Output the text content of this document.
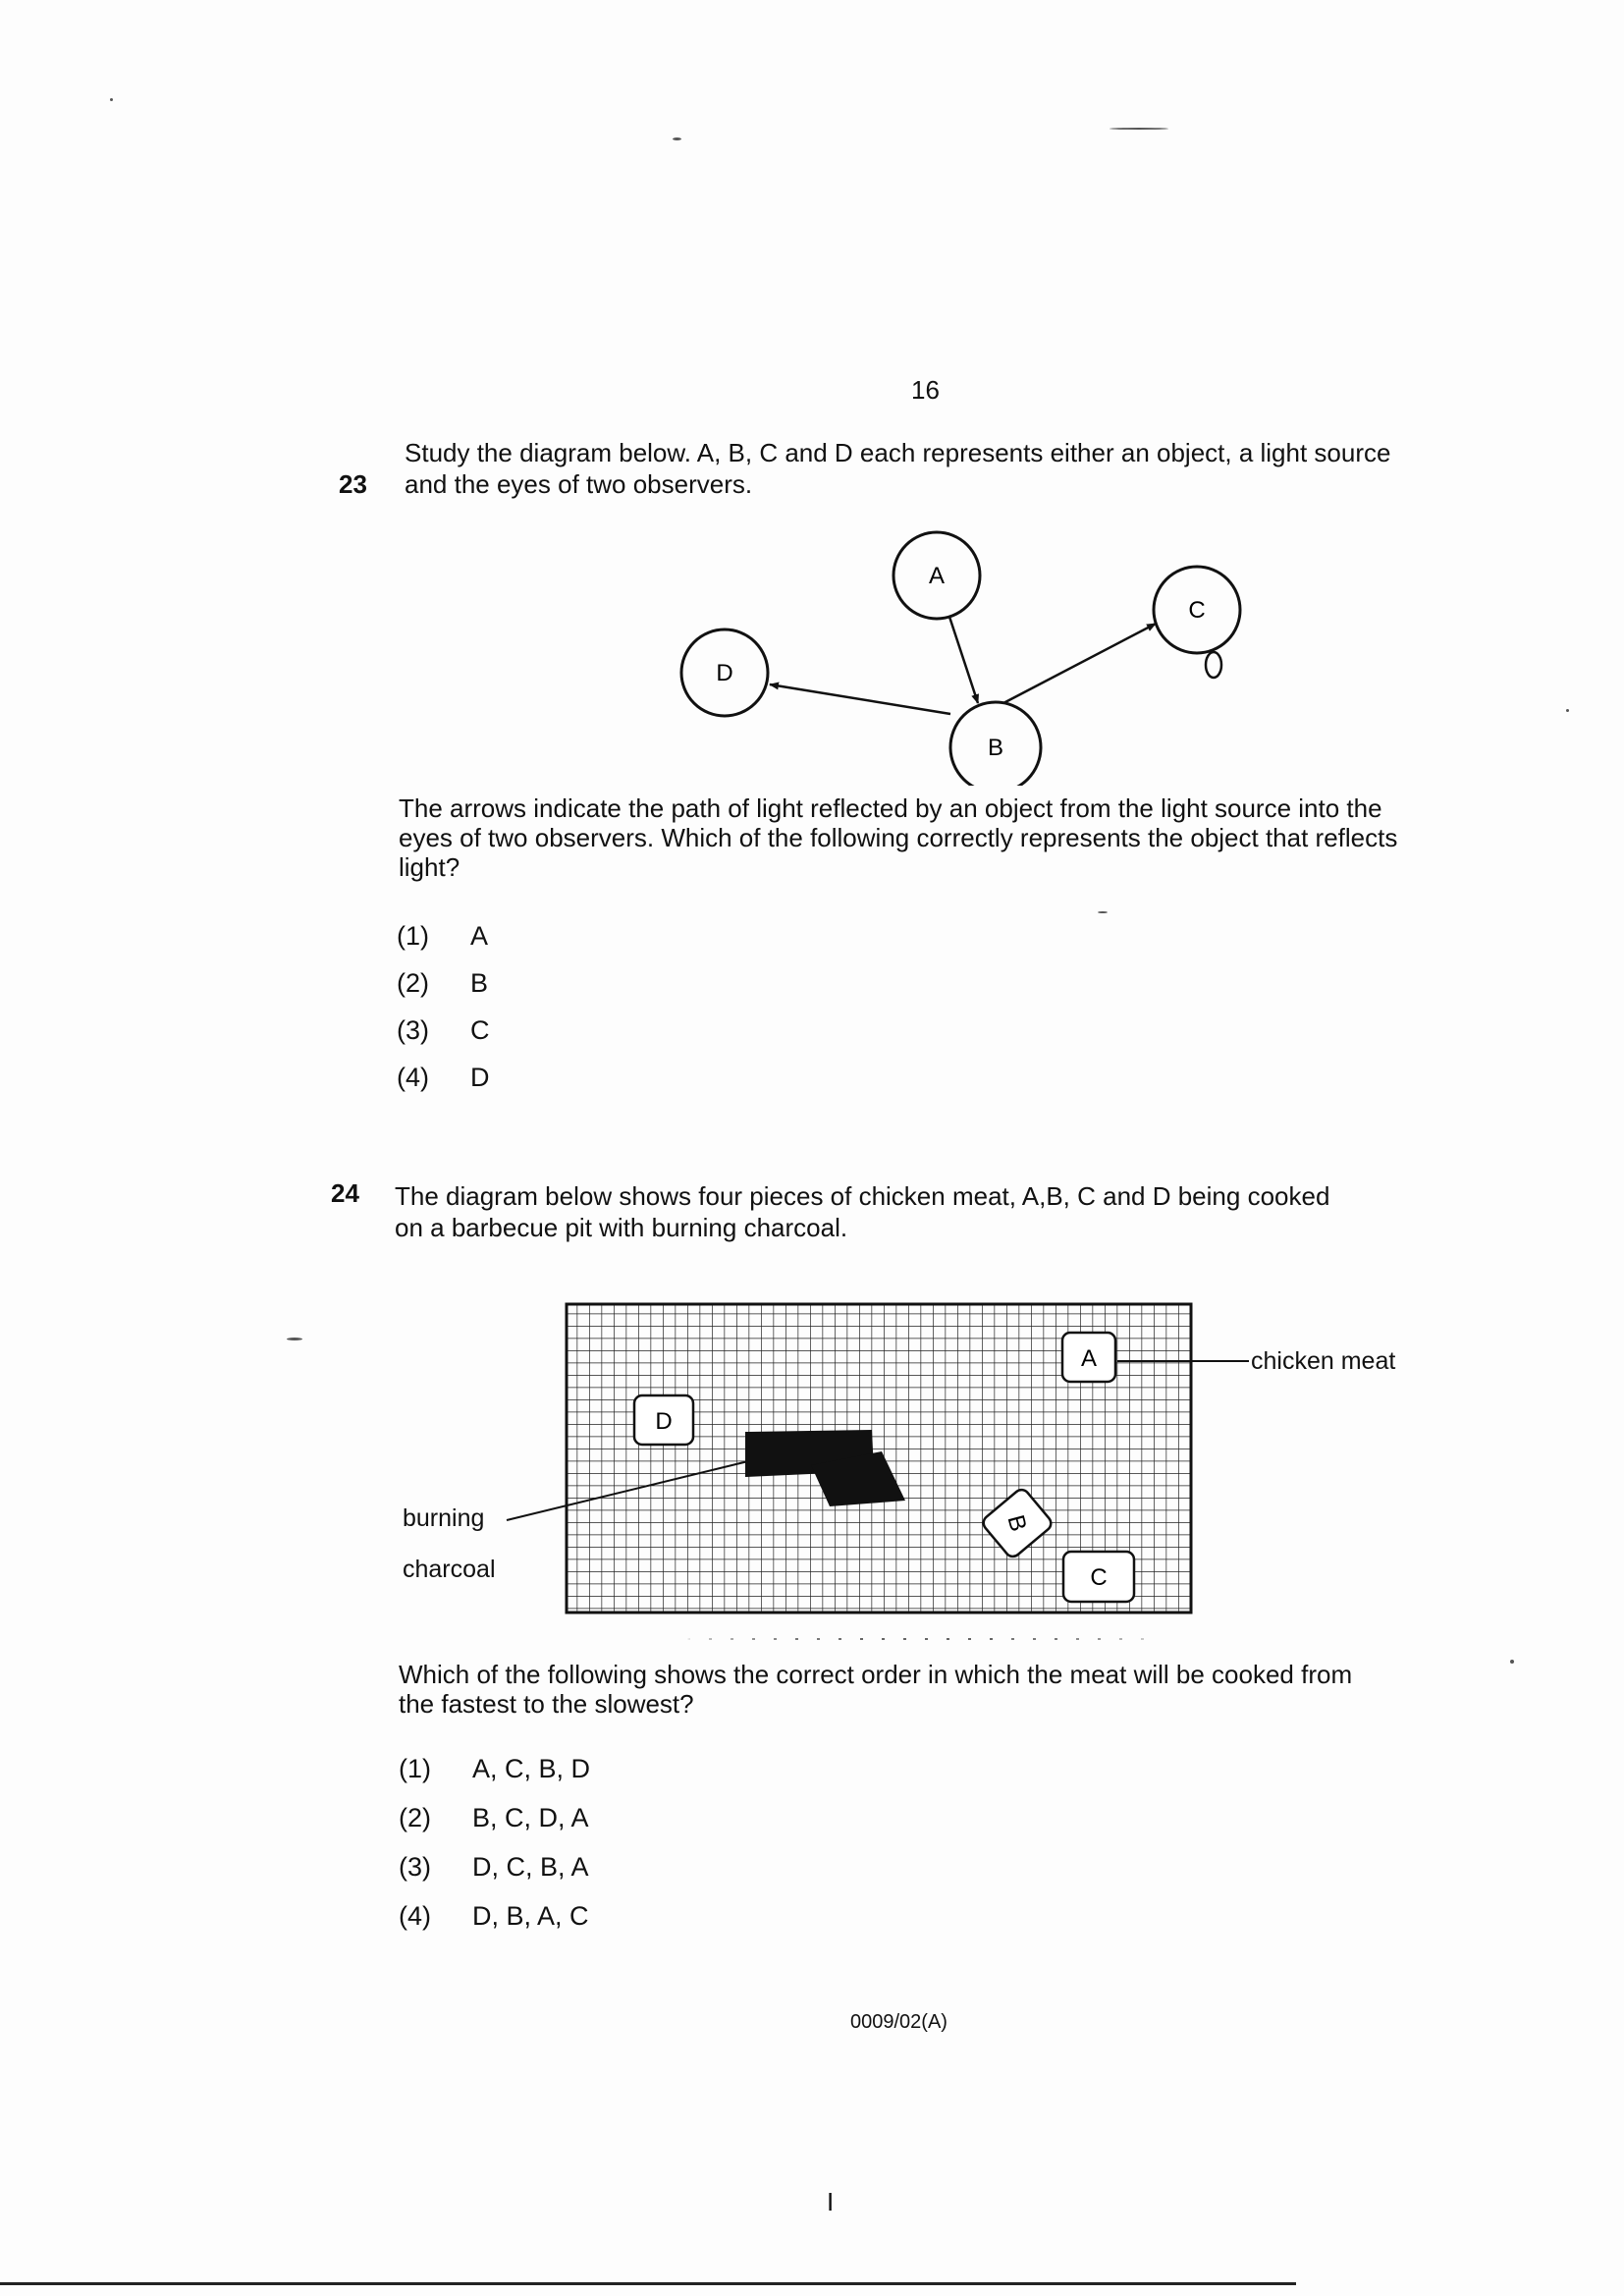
16
23
Study the diagram below. A, B, C and D each represents either an object, a light source
and the eyes of two observers.
A
B
C
D
The arrows indicate the path of light reflected by an object from the light source into the
eyes of two observers. Which of the following correctly represents the object that reflects
light?
(1) A
(2) B
(3) C
(4) D
24 The diagram below shows four pieces of chicken meat, A,B, C and D being cooked
on a barbecue pit with burning charcoal.
A
D
B
C
chicken meat
burning
charcoal
Which of the following shows the correct order in which the meat will be cooked from
the fastest to the slowest?
(1) A, C, B, D
(2) B, C, D, A
(3) D, C, B, A
(4) D, B, A, C
0009/02(A)
I
